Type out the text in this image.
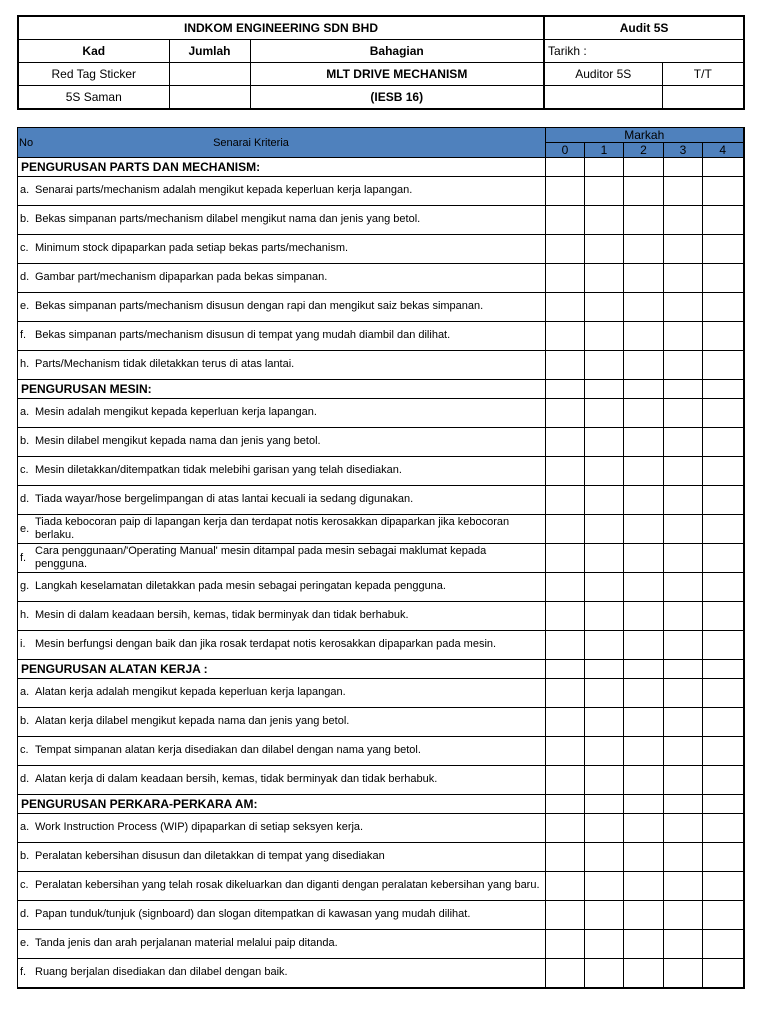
INDKOM ENGINEERING SDN BHD			Audit 5S	
Kad	Jumlah	Bahagian	Tarikh :	
Red Tag Sticker		MLT DRIVE MECHANISM	Auditor 5S	T/T
5S Saman		(IESB 16)		
No Senarai Kriteria	Markah				
	0	1	2	3	4
PENGURUSAN PARTS DAN MECHANISM:					
a. Senarai parts/mechanism adalah mengikut kepada keperluan kerja lapangan.					
b. Bekas simpanan parts/mechanism dilabel mengikut nama dan jenis yang betol.					
c.Minimum stock dipaparkan pada setiap bekas parts/mechanism.					
d. Gambar part/mechanism dipaparkan pada bekas simpanan.					
e. Bekas simpanan parts/mechanism disusun dengan rapi dan mengikut saiz bekas simpanan.					
f. Bekas simpanan parts/mechanism disusun di tempat yang mudah diambil dan dilihat.					
h. Parts/Mechanism tidak diletakkan terus di atas lantai.					
PENGURUSAN MESIN:					
a. Mesin adalah mengikut kepada keperluan kerja lapangan.					
b. Mesin dilabel mengikut kepada nama dan jenis yang betol.					
c. Mesin diletakkan/ditempatkan tidak melebihi garisan yang telah disediakan.					
d. Tiada wayar/hose bergelimpangan di atas lantai kecuali ia sedang digunakan.					
e.Tiada kebocoran paip di lapangan kerja dan terdapat notis kerosakkan dipaparkan jika kebocoran berlaku.					
f.Cara penggunaan/'Operating Manual' mesin ditampal pada mesin sebagai maklumat kepada pengguna.					
g. Langkah keselamatan diletakkan pada mesin sebagai peringatan kepada pengguna.					
h. Mesin di dalam keadaan bersih, kemas, tidak berminyak dan tidak berhabuk.					
i. Mesin berfungsi dengan baik dan jika rosak terdapat notis kerosakkan dipaparkan pada mesin.					
PENGURUSAN ALATAN KERJA :					
a. Alatan kerja adalah mengikut kepada keperluan kerja lapangan.					
b. Alatan kerja dilabel mengikut kepada nama dan jenis yang betol.					
c. Tempat simpanan alatan kerja disediakan dan dilabel dengan nama yang betol.					
d. Alatan kerja di dalam keadaan bersih, kemas, tidak berminyak dan tidak berhabuk.					
PENGURUSAN PERKARA-PERKARA AM:					
a. Work Instruction Process (WIP) dipaparkan di setiap seksyen kerja.					
b. Peralatan kebersihan disusun dan diletakkan di tempat yang disediakan					
c. Peralatan kebersihan yang telah rosak dikeluarkan dan diganti dengan peralatan kebersihan yang baru.					
d. Papan tunduk/tunjuk (signboard) dan slogan ditempatkan di kawasan yang mudah dilihat.					
e. Tanda jenis dan arah perjalanan material melalui paip ditanda.					
f. Ruang berjalan disediakan dan dilabel dengan baik.					
